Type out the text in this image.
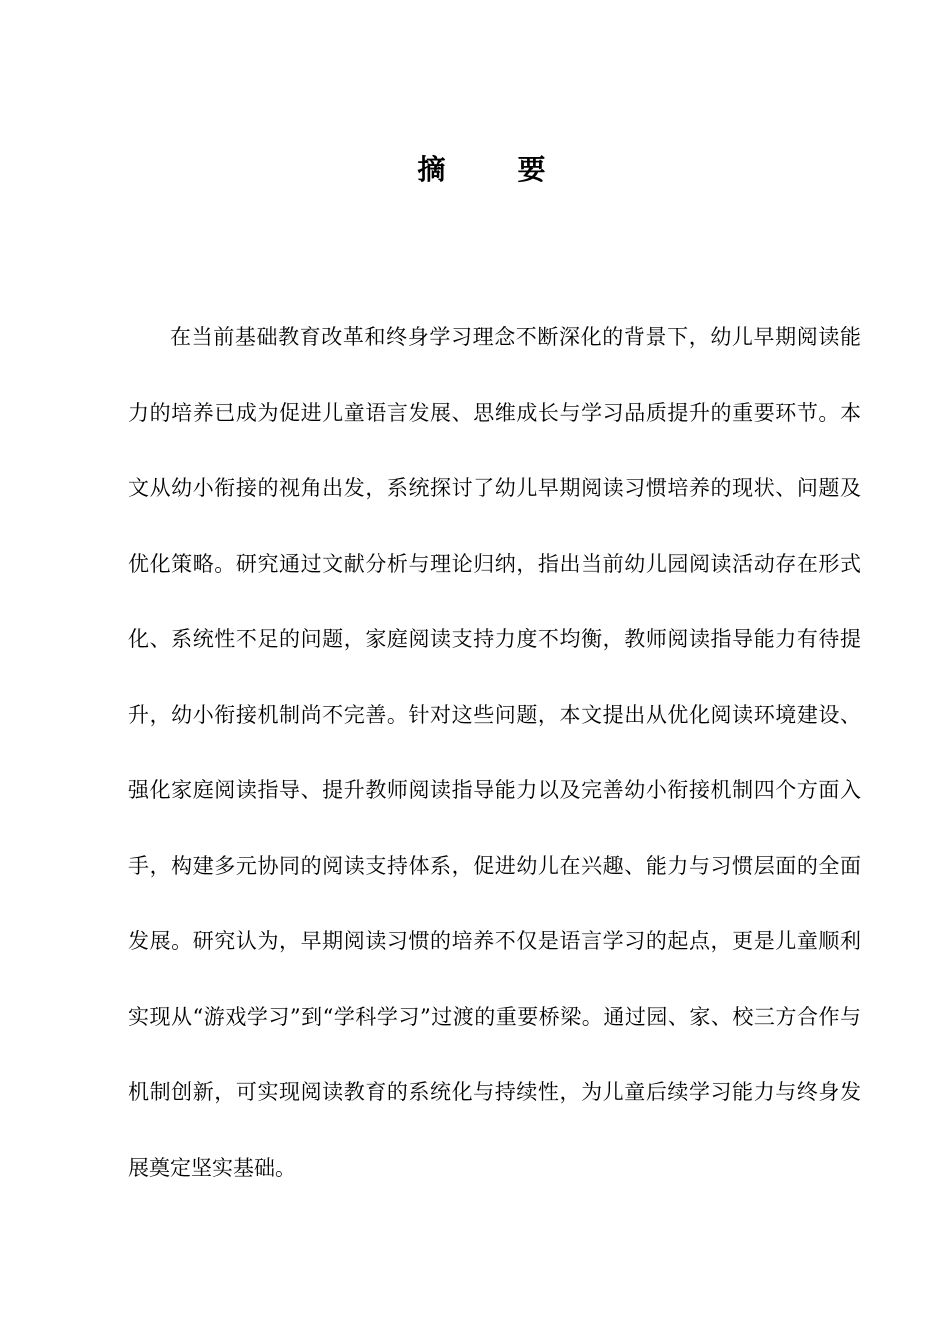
摘　要

在当前基础教育改革和终身学习理念不断深化的背景下，幼儿早期阅读能力的培养已成为促进儿童语言发展、思维成长与学习品质提升的重要环节。本文从幼小衔接的视角出发，系统探讨了幼儿早期阅读习惯培养的现状、问题及优化策略。研究通过文献分析与理论归纳，指出当前幼儿园阅读活动存在形式化、系统性不足的问题，家庭阅读支持力度不均衡，教师阅读指导能力有待提升，幼小衔接机制尚不完善。针对这些问题，本文提出从优化阅读环境建设、强化家庭阅读指导、提升教师阅读指导能力以及完善幼小衔接机制四个方面入手，构建多元协同的阅读支持体系，促进幼儿在兴趣、能力与习惯层面的全面发展。研究认为，早期阅读习惯的培养不仅是语言学习的起点，更是儿童顺利实现从“游戏学习”到“学科学习”过渡的重要桥梁。通过园、家、校三方合作与机制创新，可实现阅读教育的系统化与持续性，为儿童后续学习能力与终身发展奠定坚实基础。
